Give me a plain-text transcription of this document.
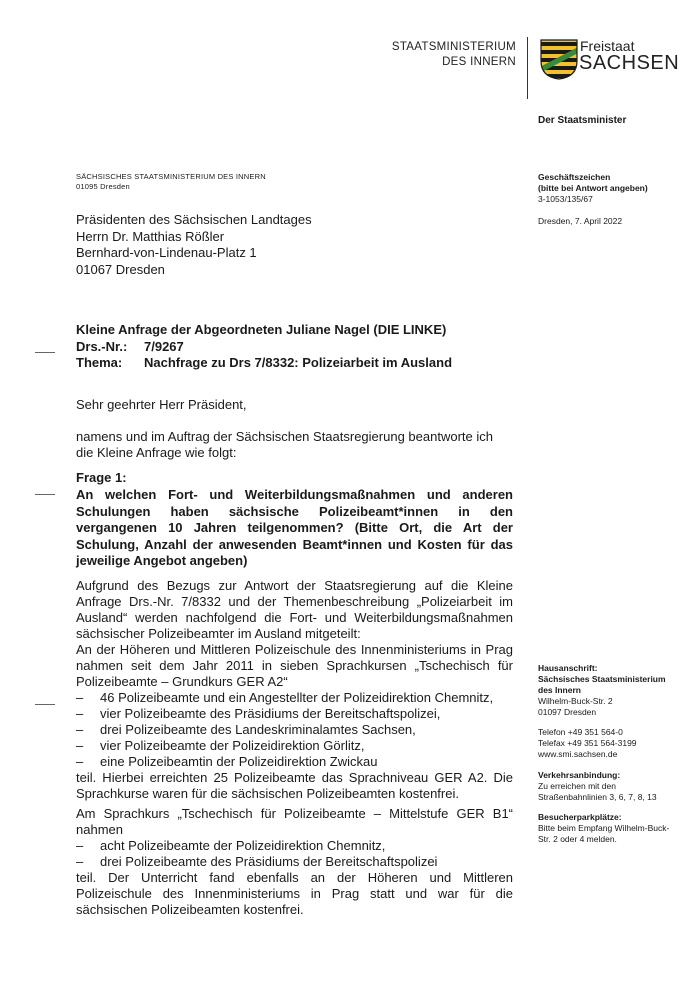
STAATSMINISTERIUM
DES INNERN
Freistaat
SACHSEN
Der Staatsminister
SÄCHSISCHES STAATSMINISTERIUM DES INNERN
01095 Dresden
Geschäftszeichen
(bitte bei Antwort angeben)
3-1053/135/67
Dresden, 7. April 2022
Präsidenten des Sächsischen Landtages
Herrn Dr. Matthias Rößler
Bernhard-von-Lindenau-Platz 1
01067 Dresden
Kleine Anfrage der Abgeordneten Juliane Nagel (DIE LINKE)
Drs.-Nr.:	7/9267
Thema:	Nachfrage zu Drs 7/8332: Polizeiarbeit im Ausland
Sehr geehrter Herr Präsident,
namens und im Auftrag der Sächsischen Staatsregierung beantworte ich die Kleine Anfrage wie folgt:
Frage 1:
An welchen Fort- und Weiterbildungsmaßnahmen und anderen Schulungen haben sächsische Polizeibeamt*innen in den vergangenen 10 Jahren teilgenommen? (Bitte Ort, die Art der Schulung, Anzahl der anwesenden Beamt*innen und Kosten für das jeweilige Angebot angeben)
Aufgrund des Bezugs zur Antwort der Staatsregierung auf die Kleine Anfrage Drs.-Nr. 7/8332 und der Themenbeschreibung „Polizeiarbeit im Ausland“ werden nachfolgend die Fort- und Weiterbildungsmaßnahmen sächsischer Polizeibeamter im Ausland mitgeteilt:
An der Höheren und Mittleren Polizeischule des Innenministeriums in Prag nahmen seit dem Jahr 2011 in sieben Sprachkursen „Tschechisch für Polizeibeamte – Grundkurs GER A2“
–	46 Polizeibeamte und ein Angestellter der Polizeidirektion Chemnitz,
–	vier Polizeibeamte des Präsidiums der Bereitschaftspolizei,
–	drei Polizeibeamte des Landeskriminalamtes Sachsen,
–	vier Polizeibeamte der Polizeidirektion Görlitz,
–	eine Polizeibeamtin der Polizeidirektion Zwickau
teil. Hierbei erreichten 25 Polizeibeamte das Sprachniveau GER A2. Die Sprachkurse waren für die sächsischen Polizeibeamten kostenfrei.
Am Sprachkurs „Tschechisch für Polizeibeamte – Mittelstufe GER B1“ nahmen
–	acht Polizeibeamte der Polizeidirektion Chemnitz,
–	drei Polizeibeamte des Präsidiums der Bereitschaftspolizei
teil. Der Unterricht fand ebenfalls an der Höheren und Mittleren Polizeischule des Innenministeriums in Prag statt und war für die sächsischen Polizeibeamten kostenfrei.
Hausanschrift:
Sächsisches Staatsministerium
des Innern
Wilhelm-Buck-Str. 2
01097 Dresden
Telefon +49 351 564-0
Telefax +49 351 564-3199
www.smi.sachsen.de
Verkehrsanbindung:
Zu erreichen mit den Straßenbahnlinien 3, 6, 7, 8, 13
Besucherparkplätze:
Bitte beim Empfang Wilhelm-Buck-Str. 2 oder 4 melden.
